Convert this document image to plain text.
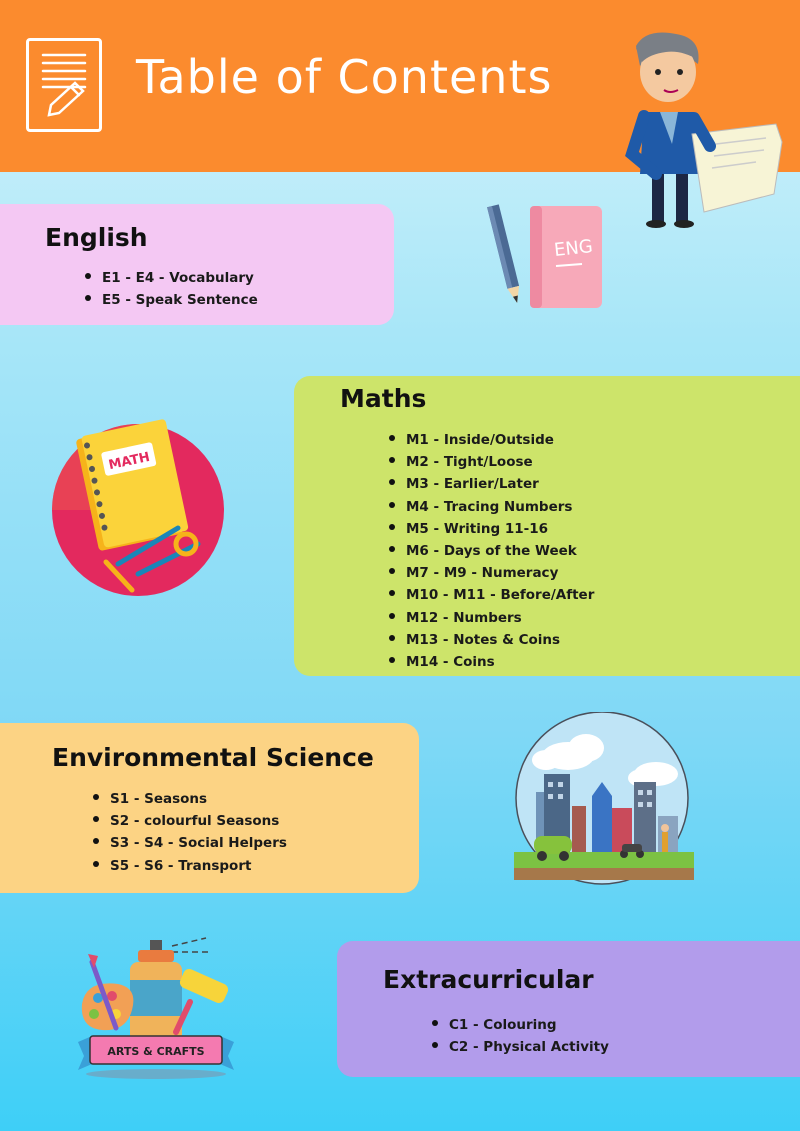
Table of Contents
English
E1 - E4 - Vocabulary
E5 - Speak Sentence
ENG
Maths
M1 - Inside/Outside
M2 - Tight/Loose
M3 - Earlier/Later
M4 - Tracing Numbers
M5 - Writing 11-16
M6 - Days of the Week
M7 - M9 - Numeracy
M10 - M11 - Before/After
M12 - Numbers
M13 - Notes & Coins
M14 - Coins
MATH
Environmental Science
S1 - Seasons
S2 - colourful Seasons
S3 - S4 - Social Helpers
S5 - S6 - Transport
Extracurricular
C1 - Colouring
C2 - Physical Activity
ARTS & CRAFTS
